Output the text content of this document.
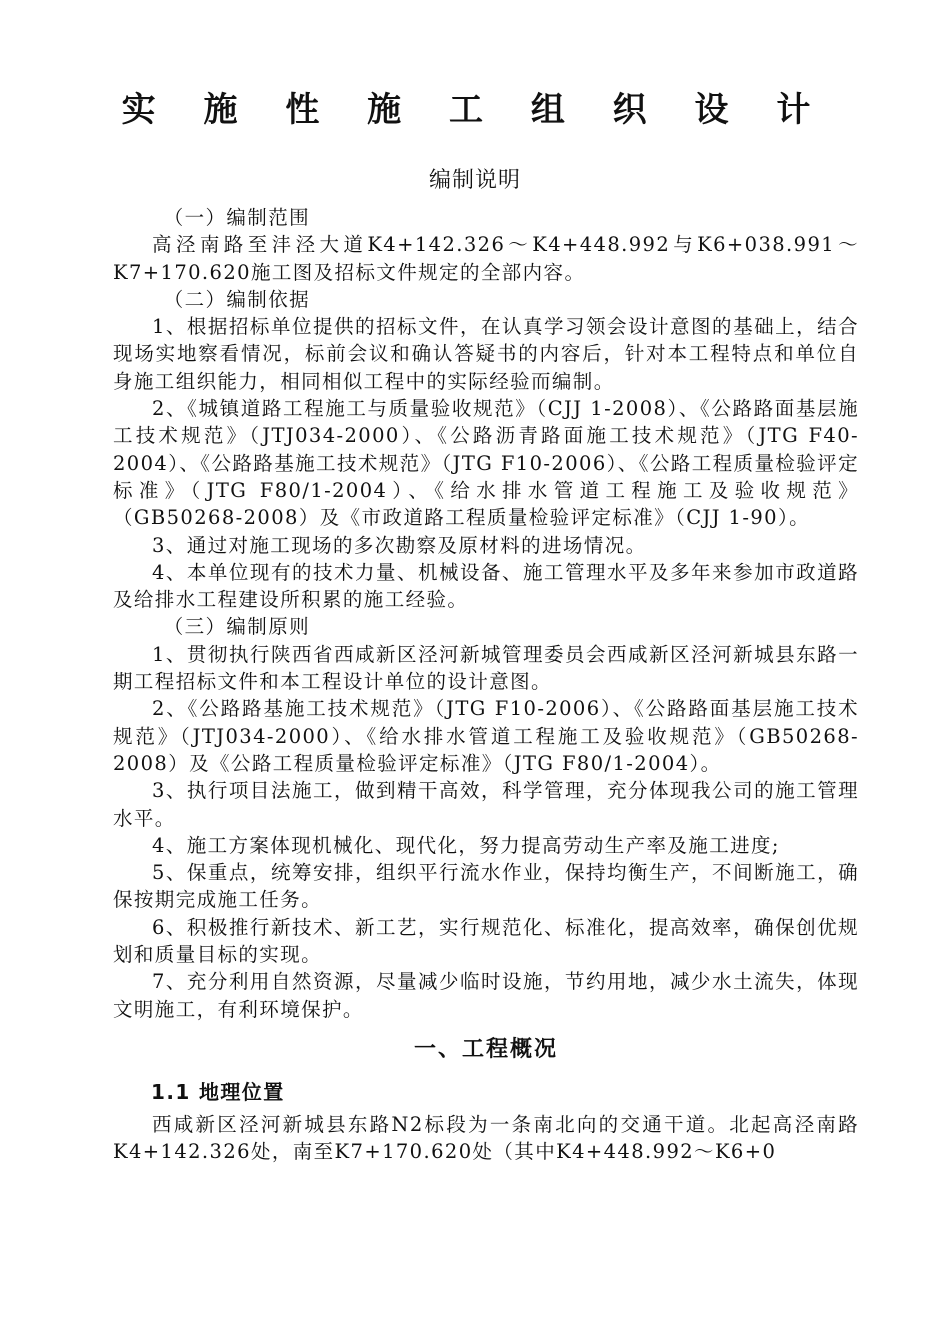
实 施 性 施 工 组 织 设 计
编制说明

（一）编制范围

高泾南路至沣泾大道K4+142.326～K4+448.992与K6+038.991～K7+170.620施工图及招标文件规定的全部内容。

（二）编制依据

1、根据招标单位提供的招标文件，在认真学习领会设计意图的基础上，结合现场实地察看情况，标前会议和确认答疑书的内容后，针对本工程特点和单位自身施工组织能力，相同相似工程中的实际经验而编制。

2、《城镇道路工程施工与质量验收规范》（CJJ 1-2008）、《公路路面基层施工技术规范》（JTJ034-2000）、《公路沥青路面施工技术规范》（JTG F40-2004）、《公路路基施工技术规范》（JTG F10-2006）、《公路工程质量检验评定标准》（JTG F80/1-2004）、《给水排水管道工程施工及验收规范》（GB50268-2008）及《市政道路工程质量检验评定标准》（CJJ 1-90）。

3、通过对施工现场的多次勘察及原材料的进场情况。

4、本单位现有的技术力量、机械设备、施工管理水平及多年来参加市政道路及给排水工程建设所积累的施工经验。

（三）编制原则

1、贯彻执行陕西省西咸新区泾河新城管理委员会西咸新区泾河新城县东路一期工程招标文件和本工程设计单位的设计意图。

2、《公路路基施工技术规范》（JTG F10-2006）、《公路路面基层施工技术规范》（JTJ034-2000）、《给水排水管道工程施工及验收规范》（GB50268-2008）及《公路工程质量检验评定标准》（JTG F80/1-2004）。

3、执行项目法施工，做到精干高效，科学管理，充分体现我公司的施工管理水平。

4、施工方案体现机械化、现代化，努力提高劳动生产率及施工进度;

5、保重点，统筹安排，组织平行流水作业，保持均衡生产，不间断施工，确保按期完成施工任务。

6、积极推行新技术、新工艺，实行规范化、标准化，提高效率，确保创优规划和质量目标的实现。

7、充分利用自然资源，尽量减少临时设施，节约用地，减少水土流失，体现文明施工，有利环境保护。

一、工程概况

1.1 地理位置

西咸新区泾河新城县东路N2标段为一条南北向的交通干道。北起高泾南路K4+142.326处，南至K7+170.620处（其中K4+448.992～K6+0
